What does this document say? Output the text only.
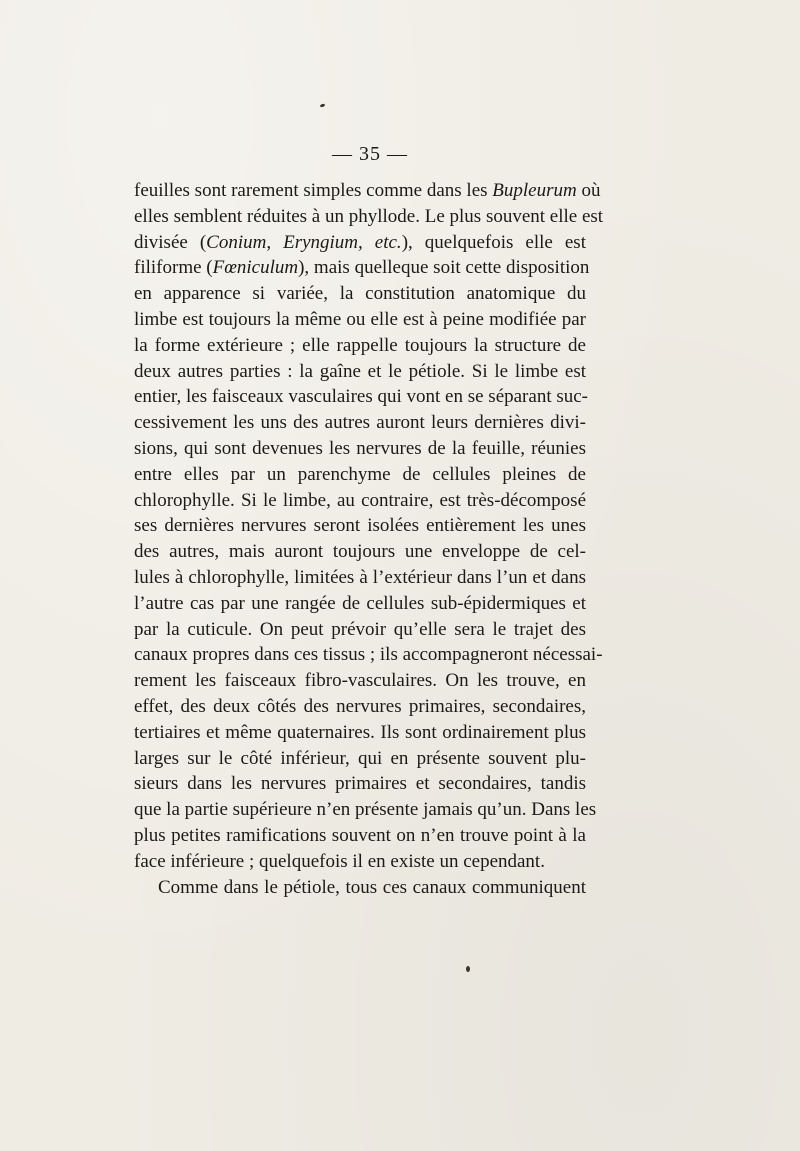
— 35 —
feuilles sont rarement simples comme dans les Bupleurum où
elles semblent réduites à un phyllode. Le plus souvent elle est
divisée (Conium, Eryngium, etc.), quelquefois elle est
filiforme (Fœniculum), mais quelleque soit cette disposition
en apparence si variée, la constitution anatomique du
limbe est toujours la même ou elle est à peine modifiée par
la forme extérieure ; elle rappelle toujours la structure de
deux autres parties : la gaîne et le pétiole. Si le limbe est
entier, les faisceaux vasculaires qui vont en se séparant suc-
cessivement les uns des autres auront leurs dernières divi-
sions, qui sont devenues les nervures de la feuille, réunies
entre elles par un parenchyme de cellules pleines de
chlorophylle. Si le limbe, au contraire, est très-décomposé
ses dernières nervures seront isolées entièrement les unes
des autres, mais auront toujours une enveloppe de cel-
lules à chlorophylle, limitées à l’extérieur dans l’un et dans
l’autre cas par une rangée de cellules sub-épidermiques et
par la cuticule. On peut prévoir qu’elle sera le trajet des
canaux propres dans ces tissus ; ils accompagneront nécessai-
rement les faisceaux fibro-vasculaires. On les trouve, en
effet, des deux côtés des nervures primaires, secondaires,
tertiaires et même quaternaires. Ils sont ordinairement plus
larges sur le côté inférieur, qui en présente souvent plu-
sieurs dans les nervures primaires et secondaires, tandis
que la partie supérieure n’en présente jamais qu’un. Dans les
plus petites ramifications souvent on n’en trouve point à la
face inférieure ; quelquefois il en existe un cependant.
Comme dans le pétiole, tous ces canaux communiquent
